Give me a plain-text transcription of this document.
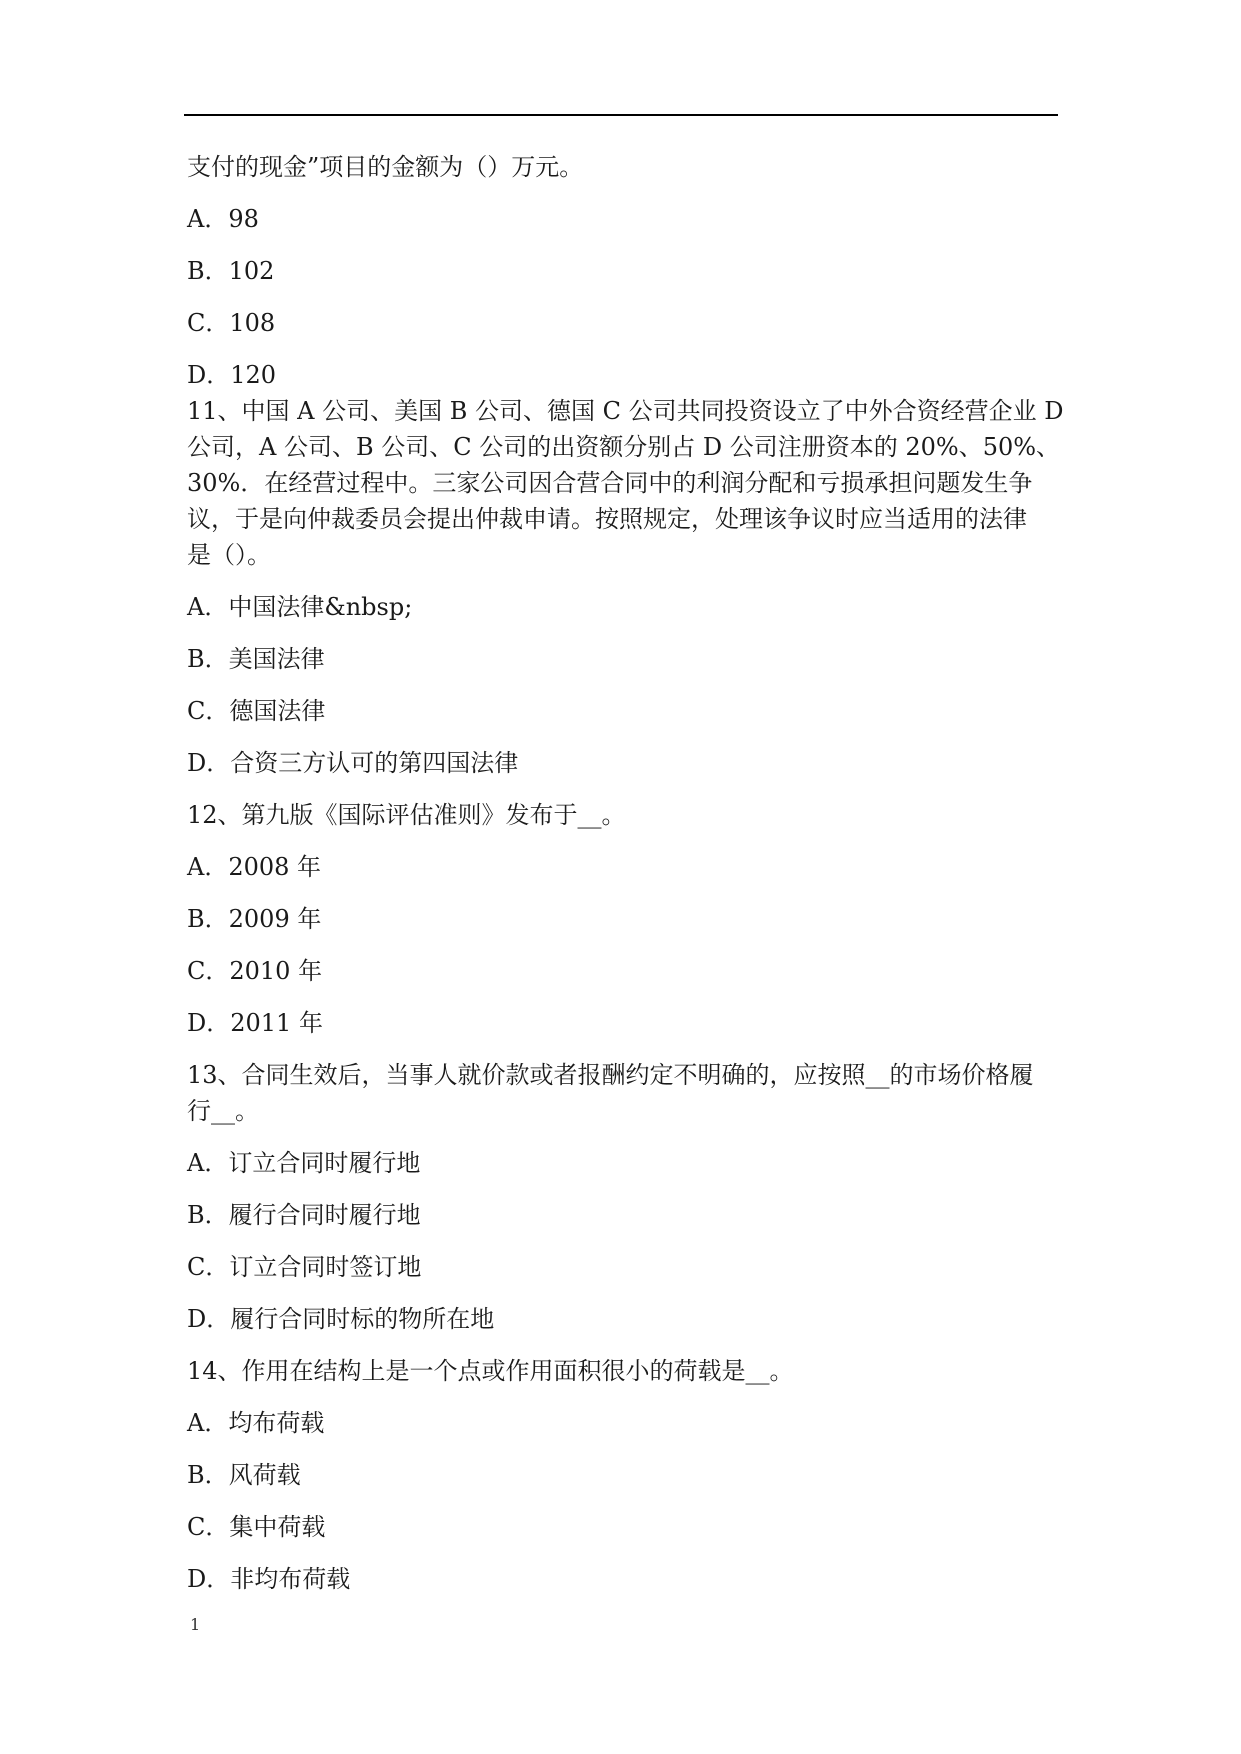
支付的现金”项目的金额为（）万元。
A．98
B．102
C．108
D．120
11、中国 A 公司、美国 B 公司、德国 C 公司共同投资设立了中外合资经营企业 D
公司，A 公司、B 公司、C 公司的出资额分别占 D 公司注册资本的 20%、50%、
30%．在经营过程中。三家公司因合营合同中的利润分配和亏损承担问题发生争
议，于是向仲裁委员会提出仲裁申请。按照规定，处理该争议时应当适用的法律
是（）。
A．中国法律&nbsp;
B．美国法律
C．德国法律
D．合资三方认可的第四国法律
12、第九版《国际评估准则》发布于__。
A．2008 年
B．2009 年
C．2010 年
D．2011 年
13、合同生效后，当事人就价款或者报酬约定不明确的，应按照__的市场价格履
行__。
A．订立合同时履行地
B．履行合同时履行地
C．订立合同时签订地
D．履行合同时标的物所在地
14、作用在结构上是一个点或作用面积很小的荷载是__。
A．均布荷载
B．风荷载
C．集中荷载
D．非均布荷载
1
